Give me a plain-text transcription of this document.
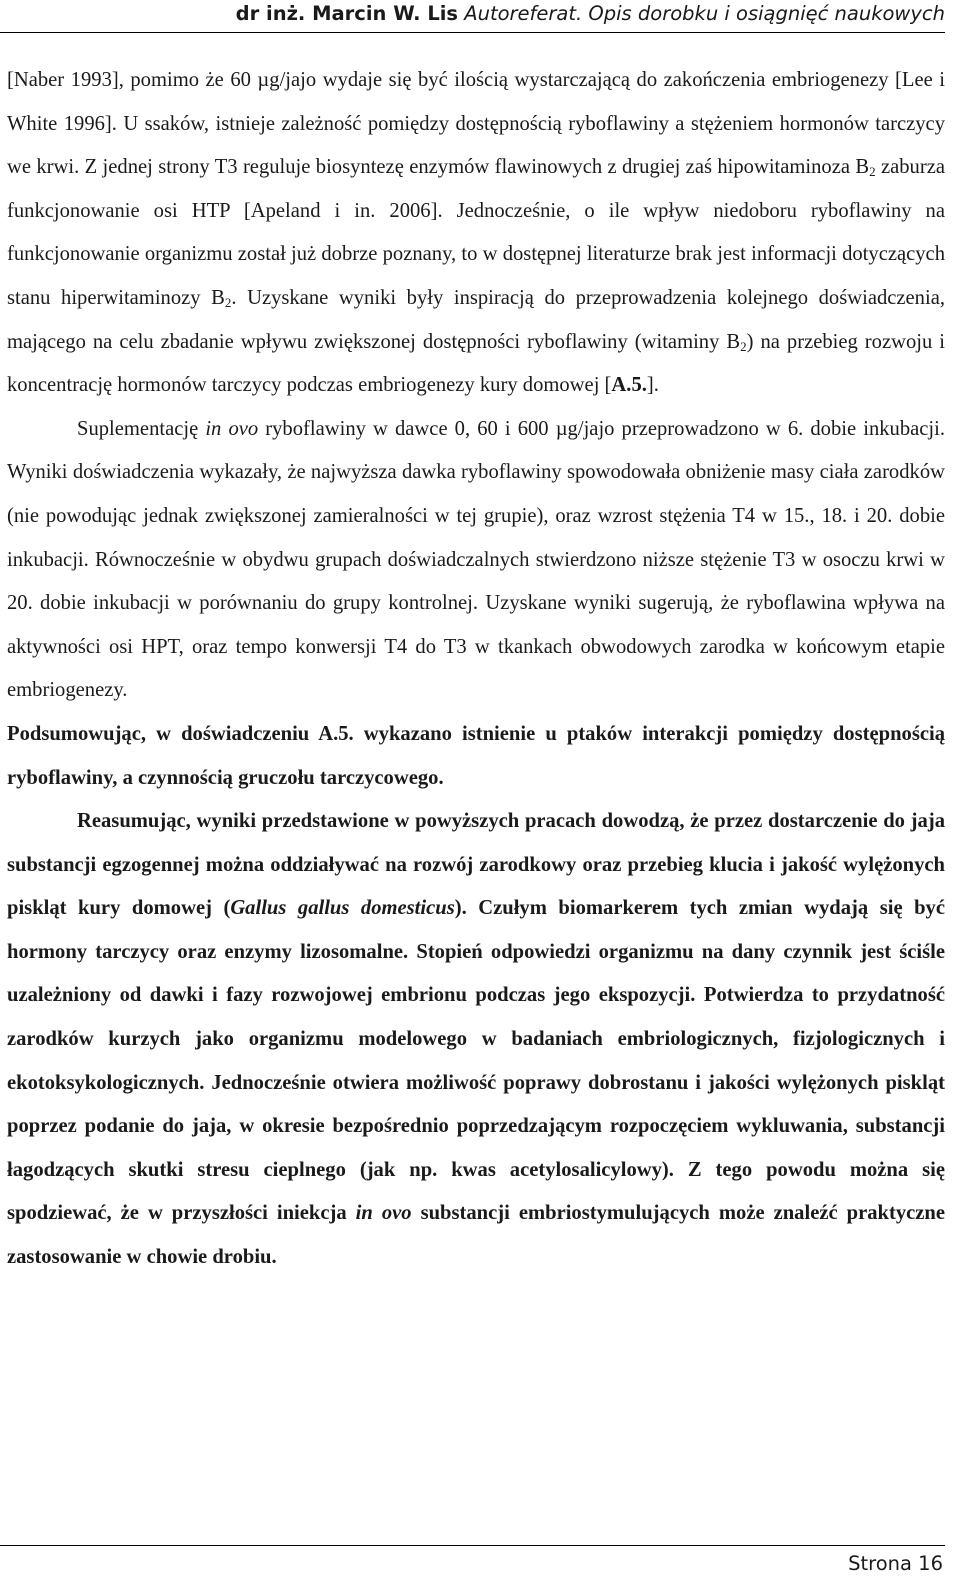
dr inż. Marcin W. Lis Autoreferat. Opis dorobku i osiągnięć naukowych

[Naber 1993], pomimo że 60 µg/jajo wydaje się być ilością wystarczającą do zakończenia embriogenezy [Lee i White 1996]. U ssaków, istnieje zależność pomiędzy dostępnością ryboflawiny a stężeniem hormonów tarczycy we krwi. Z jednej strony T3 reguluje biosyntezę enzymów flawinowych z drugiej zaś hipowitaminoza $B_2$ zaburza funkcjonowanie osi HTP [Apeland i in. 2006]. Jednocześnie, o ile wpływ niedoboru ryboflawiny na funkcjonowanie organizmu został już dobrze poznany, to w dostępnej literaturze brak jest informacji dotyczących stanu hiperwitaminozy $B_2$. Uzyskane wyniki były inspiracją do przeprowadzenia kolejnego doświadczenia, mającego na celu zbadanie wpływu zwiększonej dostępności ryboflawiny (witaminy $B_2$) na przebieg rozwoju i koncentrację hormonów tarczycy podczas embriogenezy kury domowej [A.5.].

Suplementację in ovo ryboflawiny w dawce 0, 60 i 600 µg/jajo przeprowadzono w 6. dobie inkubacji. Wyniki doświadczenia wykazały, że najwyższa dawka ryboflawiny spowodowała obniżenie masy ciała zarodków (nie powodując jednak zwiększonej zamieralności w tej grupie), oraz wzrost stężenia T4 w 15., 18. i 20. dobie inkubacji. Równocześnie w obydwu grupach doświadczalnych stwierdzono niższe stężenie T3 w osoczu krwi w 20. dobie inkubacji w porównaniu do grupy kontrolnej. Uzyskane wyniki sugerują, że ryboflawina wpływa na aktywności osi HPT, oraz tempo konwersji T4 do T3 w tkankach obwodowych zarodka w końcowym etapie embriogenezy.

Podsumowując, w doświadczeniu A.5. wykazano istnienie u ptaków interakcji pomiędzy dostępnością ryboflawiny, a czynnością gruczołu tarczycowego.

Reasumując, wyniki przedstawione w powyższych pracach dowodzą, że przez dostarczenie do jaja substancji egzogennej można oddziaływać na rozwój zarodkowy oraz przebieg klucia i jakość wylężonych piskląt kury domowej (Gallus gallus domesticus). Czułym biomarkerem tych zmian wydają się być hormony tarczycy oraz enzymy lizosomalne. Stopień odpowiedzi organizmu na dany czynnik jest ściśle uzależniony od dawki i fazy rozwojowej embrionu podczas jego ekspozycji. Potwierdza to przydatność zarodków kurzych jako organizmu modelowego w badaniach embriologicznych, fizjologicznych i ekotoksykologicznych. Jednocześnie otwiera możliwość poprawy dobrostanu i jakości wylężonych piskląt poprzez podanie do jaja, w okresie bezpośrednio poprzedzającym rozpoczęciem wykluwania, substancji łagodzących skutki stresu cieplnego (jak np. kwas acetylosalicylowy). Z tego powodu można się spodziewać, że w przyszłości iniekcja in ovo substancji embriostymulujących może znaleźć praktyczne zastosowanie w chowie drobiu.

Strona 16
